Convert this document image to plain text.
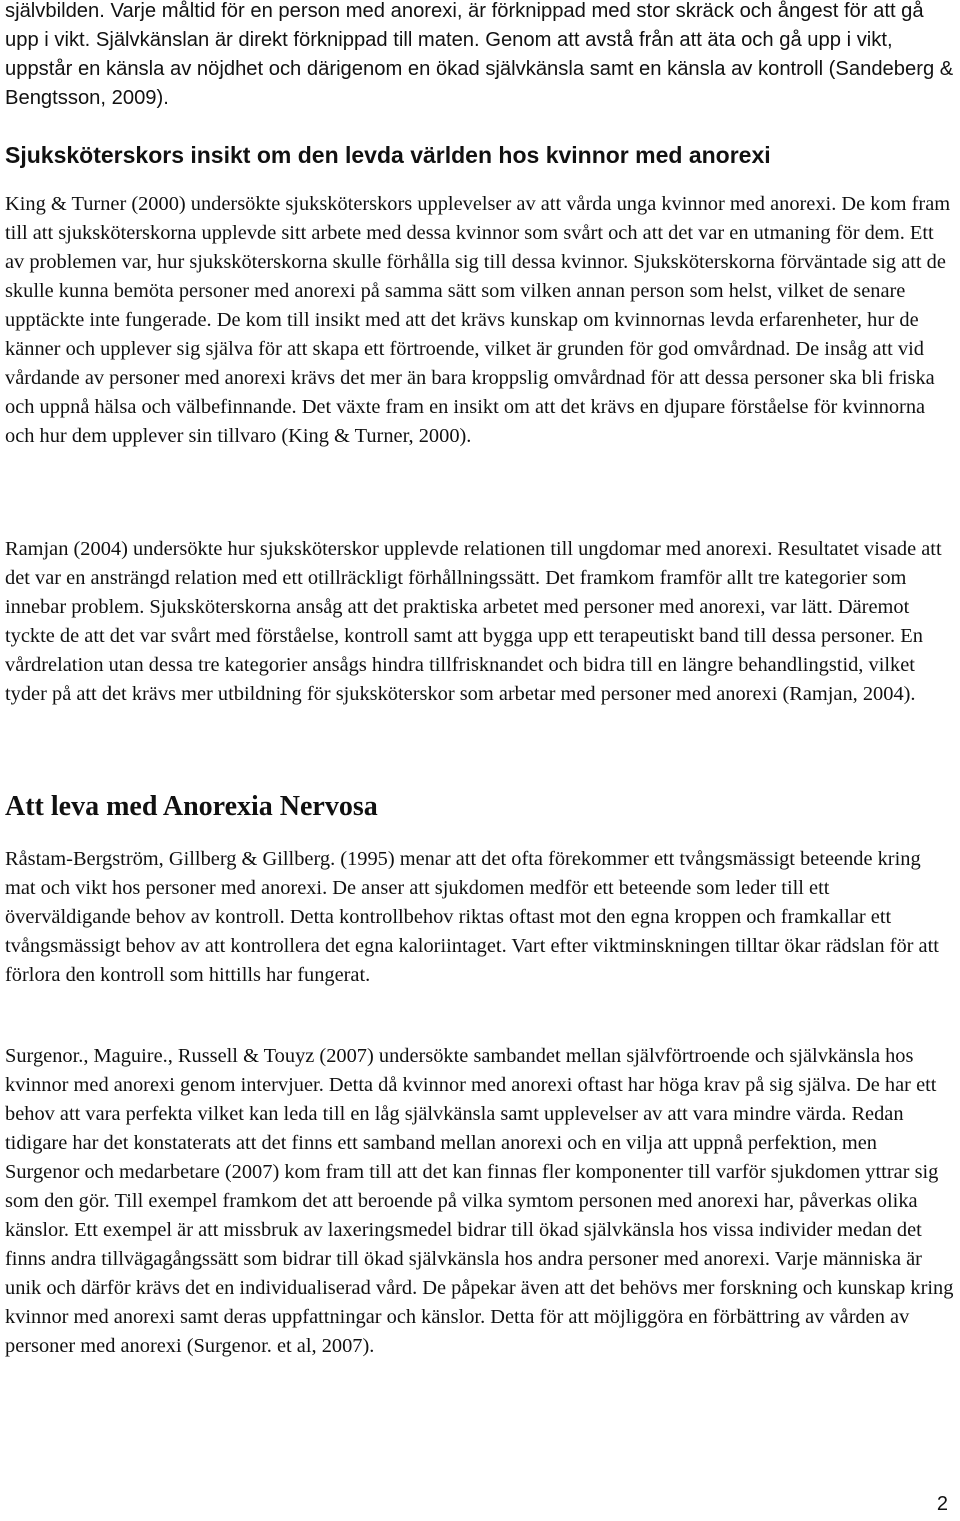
självbilden. Varje måltid för en person med anorexi, är förknippad med stor skräck och ångest för att gå upp i vikt. Självkänslan är direkt förknippad till maten. Genom att avstå från att äta och gå upp i vikt, uppstår en känsla av nöjdhet och därigenom en ökad självkänsla samt en känsla av kontroll (Sandeberg & Bengtsson, 2009).

Sjuksköterskors insikt om den levda världen hos kvinnor med anorexi

King & Turner (2000) undersökte sjuksköterskors upplevelser av att vårda unga kvinnor med anorexi. De kom fram till att sjuksköterskorna upplevde sitt arbete med dessa kvinnor som svårt och att det var en utmaning för dem. Ett av problemen var, hur sjuksköterskorna skulle förhålla sig till dessa kvinnor. Sjuksköterskorna förväntade sig att de skulle kunna bemöta personer med anorexi på samma sätt som vilken annan person som helst, vilket de senare upptäckte inte fungerade. De kom till insikt med att det krävs kunskap om kvinnornas levda erfarenheter, hur de känner och upplever sig själva för att skapa ett förtroende, vilket är grunden för god omvårdnad. De insåg att vid vårdande av personer med anorexi krävs det mer än bara kroppslig omvårdnad för att dessa personer ska bli friska och uppnå hälsa och välbefinnande. Det växte fram en insikt om att det krävs en djupare förståelse för kvinnorna och hur dem upplever sin tillvaro (King & Turner, 2000).

Ramjan (2004) undersökte hur sjuksköterskor upplevde relationen till ungdomar med anorexi. Resultatet visade att det var en ansträngd relation med ett otillräckligt förhållningssätt. Det framkom framför allt tre kategorier som innebar problem. Sjuksköterskorna ansåg att det praktiska arbetet med personer med anorexi, var lätt. Däremot tyckte de att det var svårt med förståelse, kontroll samt att bygga upp ett terapeutiskt band till dessa personer. En vårdrelation utan dessa tre kategorier ansågs hindra tillfrisknandet och bidra till en längre behandlingstid, vilket tyder på att det krävs mer utbildning för sjuksköterskor som arbetar med personer med anorexi (Ramjan, 2004).

Att leva med Anorexia Nervosa

Råstam-Bergström, Gillberg & Gillberg. (1995) menar att det ofta förekommer ett tvångsmässigt beteende kring mat och vikt hos personer med anorexi. De anser att sjukdomen medför ett beteende som leder till ett överväldigande behov av kontroll. Detta kontrollbehov riktas oftast mot den egna kroppen och framkallar ett tvångsmässigt behov av att kontrollera det egna kaloriintaget. Vart efter viktminskningen tilltar ökar rädslan för att förlora den kontroll som hittills har fungerat.

Surgenor., Maguire., Russell & Touyz (2007) undersökte sambandet mellan självförtroende och självkänsla hos kvinnor med anorexi genom intervjuer. Detta då kvinnor med anorexi oftast har höga krav på sig själva. De har ett behov att vara perfekta vilket kan leda till en låg självkänsla samt upplevelser av att vara mindre värda. Redan tidigare har det konstaterats att det finns ett samband mellan anorexi och en vilja att uppnå perfektion, men Surgenor och medarbetare (2007) kom fram till att det kan finnas fler komponenter till varför sjukdomen yttrar sig som den gör. Till exempel framkom det att beroende på vilka symtom personen med anorexi har, påverkas olika känslor. Ett exempel är att missbruk av laxeringsmedel bidrar till ökad självkänsla hos vissa individer medan det finns andra tillvägagångssätt som bidrar till ökad självkänsla hos andra personer med anorexi. Varje människa är unik och därför krävs det en individualiserad vård. De påpekar även att det behövs mer forskning och kunskap kring kvinnor med anorexi samt deras uppfattningar och känslor. Detta för att möjliggöra en förbättring av vården av personer med anorexi (Surgenor. et al, 2007).

2
